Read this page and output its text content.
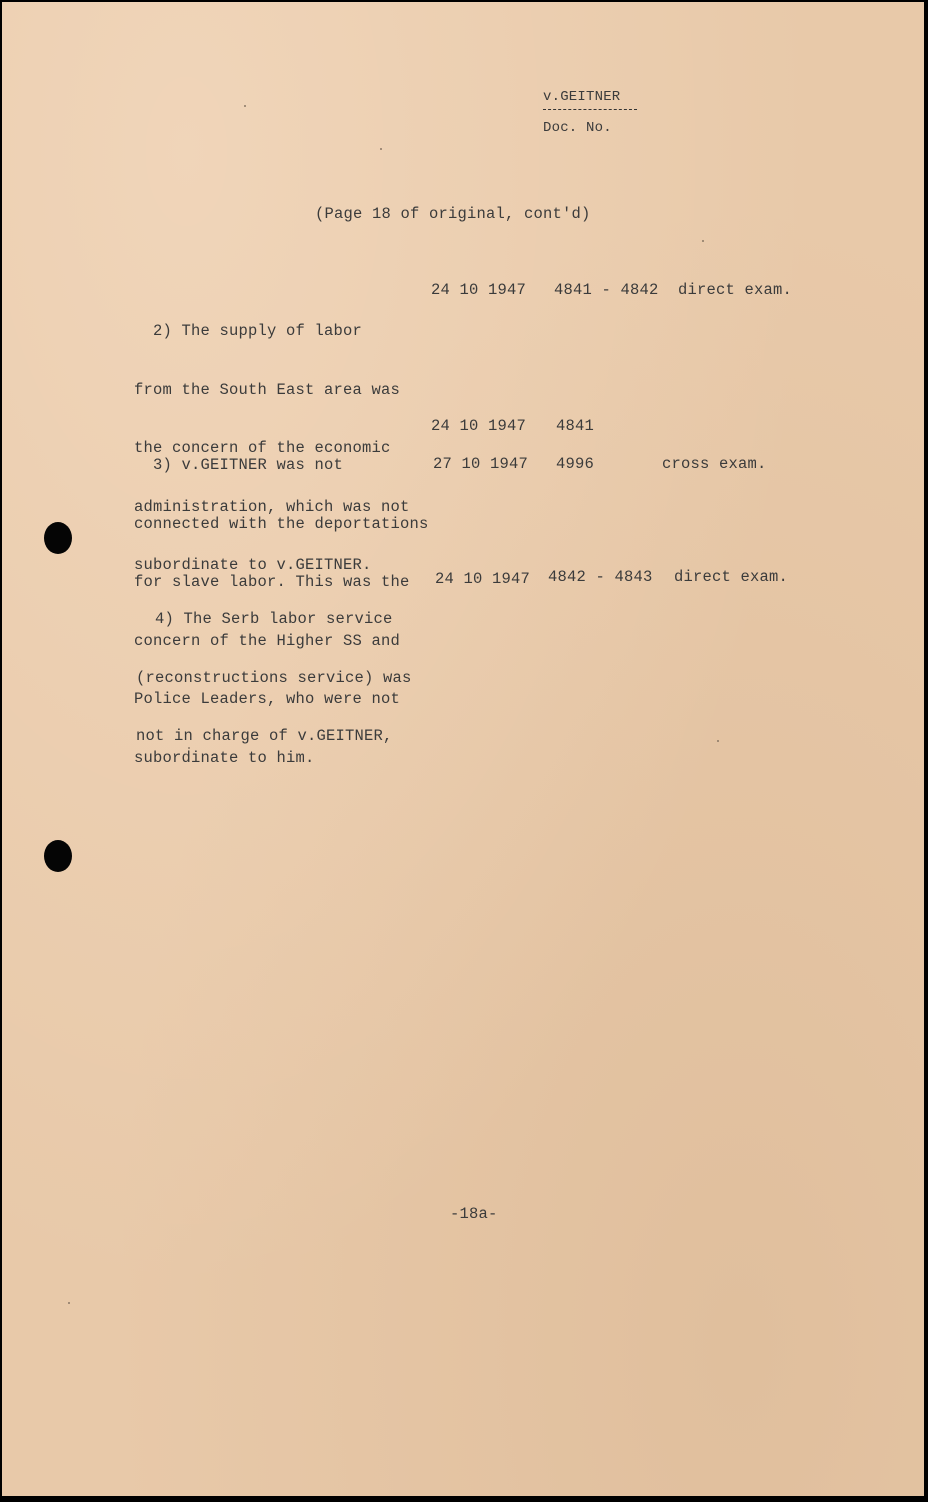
v.GEITNER
Doc. No.
(Page 18 of original, cont'd)

2) The supply of labor

from the South East area was

the concern of the economic

administration, which was not

subordinate to v.GEITNER.

24 10 1947 4841 - 4842 direct exam.

3) v.GEITNER was not

connected with the deportations

for slave labor. This was the

concern of the Higher SS and

Police Leaders, who were not

subordinate to him.

24 10 1947 4841
27 10 1947 4996	cross exam.

4) The Serb labor service

(reconstructions service) was

not in charge of v.GEITNER,

24 10 1947 4842 - 4843 direct exam.
-18a-
